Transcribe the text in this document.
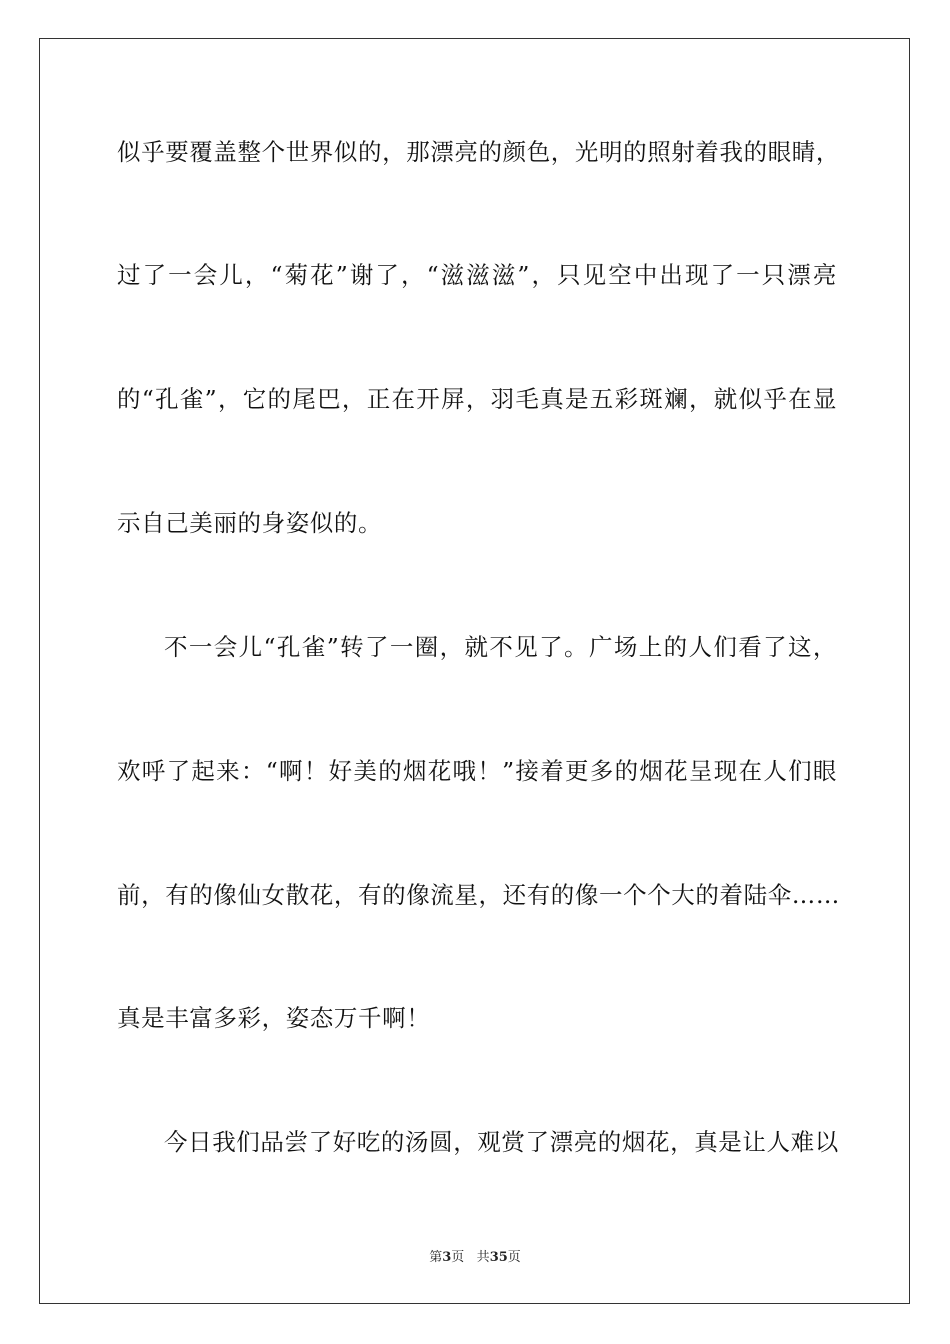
似乎要覆盖整个世界似的，那漂亮的颜色，光明的照射着我的眼睛，
过了一会儿，“菊花”谢了，“滋滋滋”，只见空中出现了一只漂亮
的“孔雀”，它的尾巴，正在开屏，羽毛真是五彩斑斓，就似乎在显
示自己美丽的身姿似的。
不一会儿“孔雀”转了一圈，就不见了。广场上的人们看了这，
欢呼了起来：“啊！好美的烟花哦！”接着更多的烟花呈现在人们眼
前，有的像仙女散花，有的像流星，还有的像一个个大的着陆伞……
真是丰富多彩，姿态万千啊！
今日我们品尝了好吃的汤圆，观赏了漂亮的烟花，真是让人难以
第3页 共35页
